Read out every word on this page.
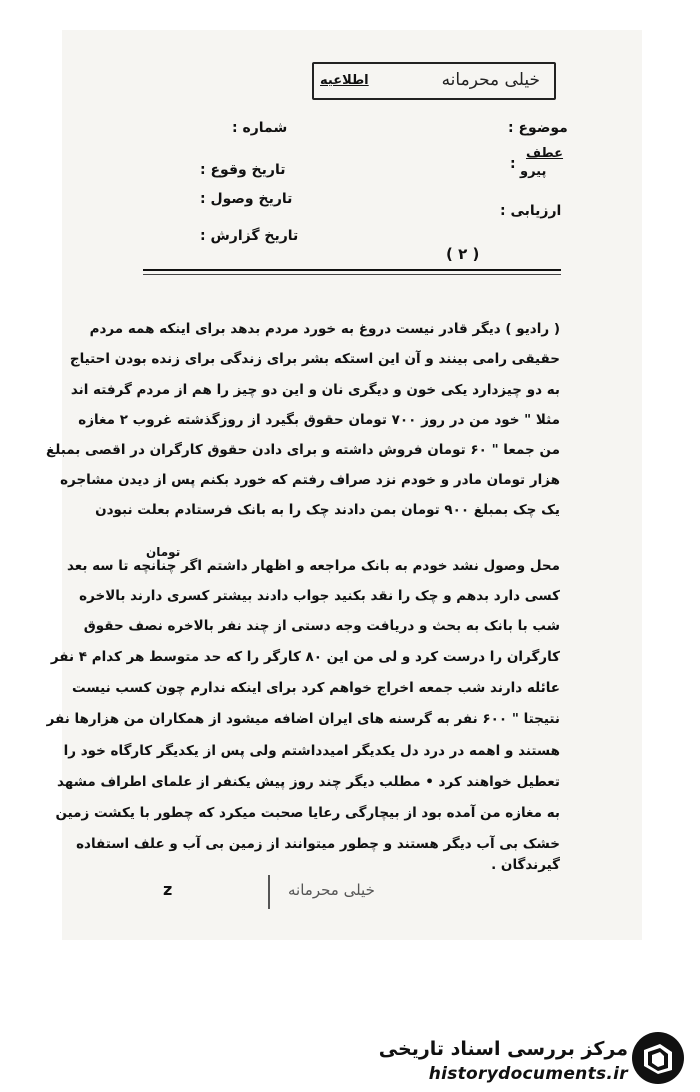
خیلی محرمانه
اطلاعیه
موضوع :
شماره :
عطف
پیرو
:
تاریخ وقوع :
تاریخ وصول :
ارزیابی :
تاریخ گزارش :
( ۲ )
( رادیو ) دیگر قادر نیست دروغ به خورد مردم بدهد برای اینکه همه مردم
حقیقی رامی بینند و آن این استکه بشر برای زندگی برای زنده بودن احتیاج
به دو چیزدارد یکی خون و دیگری نان و این دو چیز را هم از مردم گرفته اند
مثلا " خود من در روز ۷۰۰ تومان حقوق بگیرد از روزگذشته غروب ۲ مغازه
من جمعا " ۶۰ تومان فروش داشته و برای دادن حقوق کارگران در اقصی بمبلغ
هزار تومان مادر و خودم نزد صراف رفتم که خورد بکنم پس از دیدن مشاجره
یک چک بمبلغ ۹۰۰ تومان بمن دادند چک را به بانک فرستادم بعلت نبودن
محل وصول نشد خودم به بانک مراجعه و اظهار داشتم اگر چنانچه تا سه بعد
کسی دارد بدهم و چک را نقد بکنید جواب دادند بیشتر کسری دارند بالاخره
شب با بانک به بحث و دریافت وجه دستی از چند نفر بالاخره نصف حقوق
کارگران را درست کرد و لی من این ۸۰ کارگر را که حد متوسط هر کدام ۴ نفر
عائله دارند شب جمعه اخراج خواهم کرد برای اینکه ندارم چون کسب نیست
نتیجتا " ۶۰۰ نفر به گرسنه های ایران اضافه میشود از همکاران من هزارها نفر
هستند و اهمه در درد دل یکدیگر امیدداشتم ولی پس از یکدیگر کارگاه خود را
تعطیل خواهند کرد • مطلب دیگر چند روز پیش یکنفر از علمای اطراف مشهد
به مغازه من آمده بود از بیچارگی رعایا صحبت میکرد که چطور با یکشت زمین
خشک بی آب دیگر هستند و چطور میتوانند از زمین بی آب و علف استفاده
گیرندگان .
تومان
خیلی محرمانه
z
مرکز بررسی اسناد تاریخی
historydocuments.ir
